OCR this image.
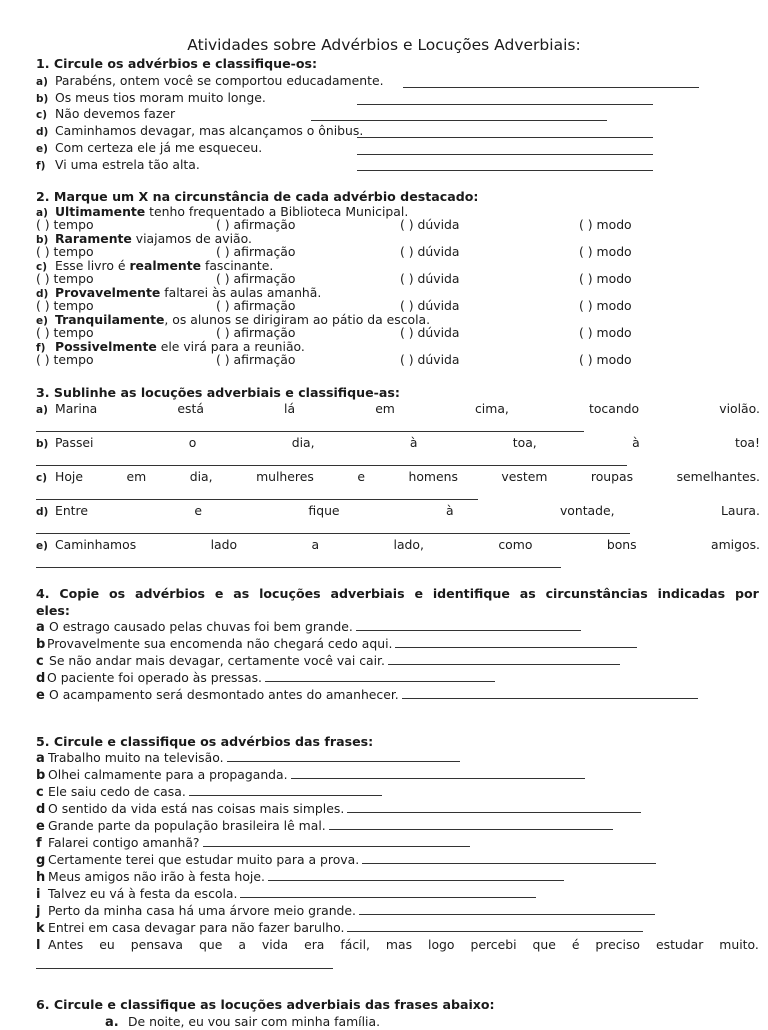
Atividades sobre Advérbios e Locuções Adverbiais:
1. Circule os advérbios e classifique-os:
a) Parabéns, ontem você se comportou educadamente.
b) Os meus tios moram muito longe.
c) Não devemos fazer
d) Caminhamos devagar, mas alcançamos o ônibus.
e) Com certeza ele já me esqueceu.
f) Vi uma estrela tão alta.
2. Marque um X na circunstância de cada advérbio destacado:
a) Ultimamente tenho frequentado a Biblioteca Municipal.
( ) tempo	( ) afirmação	( ) dúvida	( ) modo
b) Raramente viajamos de avião.
( ) tempo	( ) afirmação	( ) dúvida	( ) modo
c) Esse livro é realmente fascinante.
( ) tempo	( ) afirmação	( ) dúvida	( ) modo
d) Provavelmente faltarei às aulas amanhã.
( ) tempo	( ) afirmação	( ) dúvida	( ) modo
e) Tranquilamente, os alunos se dirigiram ao pátio da escola.
( ) tempo	( ) afirmação	( ) dúvida	( ) modo
f) Possivelmente ele virá para a reunião.
( ) tempo	( ) afirmação	( ) dúvida	( ) modo
3. Sublinhe as locuções adverbiais e classifique-as:
a) Marina	está	lá	em	cima,	tocando	violão.
b) Passei	o	dia,	à	toa,	à	toa!
c) Hoje	em	dia,	mulheres	e	homens	vestem	roupas	semelhantes.
d) Entre	e	fique	à	vontade,	Laura.
e) Caminhamos	lado	a	lado,	como	bons	amigos.
4. Copie os advérbios e as locuções adverbiais e identifique as circunstâncias indicadas por
eles:
a O estrago causado pelas chuvas foi bem grande.
b Provavelmente sua encomenda não chegará cedo aqui.
c Se não andar mais devagar, certamente você vai cair.
d O paciente foi operado às pressas.
e O acampamento será desmontado antes do amanhecer.
5. Circule e classifique os advérbios das frases:
a Trabalho muito na televisão.
b Olhei calmamente para a propaganda.
c Ele saiu cedo de casa.
d O sentido da vida está nas coisas mais simples.
e Grande parte da população brasileira lê mal.
f Falarei contigo amanhã?
g Certamente terei que estudar muito para a prova.
h Meus amigos não irão à festa hoje.
i Talvez eu vá à festa da escola.
j Perto da minha casa há uma árvore meio grande.
k Entrei em casa devagar para não fazer barulho.
l Antes eu pensava que a vida era fácil, mas logo percebi que é preciso estudar muito.
6. Circule e classifique as locuções adverbiais das frases abaixo:
a. De noite, eu vou sair com minha família.
